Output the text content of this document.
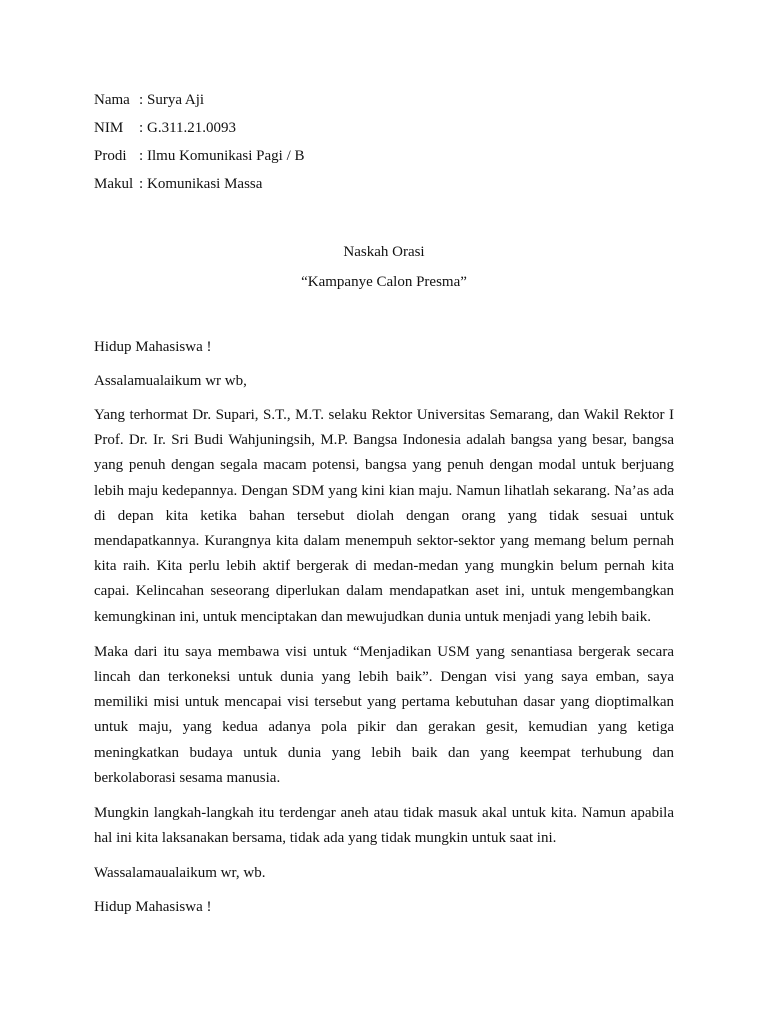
Nama : Surya Aji
NIM	: G.311.21.0093
Prodi : Ilmu Komunikasi Pagi / B
Makul : Komunikasi Massa
Naskah Orasi
“Kampanye Calon Presma”

Hidup Mahasiswa !

Assalamualaikum wr wb,

Yang terhormat Dr. Supari, S.T., M.T. selaku Rektor Universitas Semarang, dan Wakil Rektor I Prof. Dr. Ir. Sri Budi Wahjuningsih, M.P. Bangsa Indonesia adalah bangsa yang besar, bangsa yang penuh dengan segala macam potensi, bangsa yang penuh dengan modal untuk berjuang lebih maju kedepannya. Dengan SDM yang kini kian maju. Namun lihatlah sekarang. Na’as ada di depan kita ketika bahan tersebut diolah dengan orang yang tidak sesuai untuk mendapatkannya. Kurangnya kita dalam menempuh sektor-sektor yang memang belum pernah kita raih. Kita perlu lebih aktif bergerak di medan-medan yang mungkin belum pernah kita capai. Kelincahan seseorang diperlukan dalam mendapatkan aset ini, untuk mengembangkan kemungkinan ini, untuk menciptakan dan mewujudkan dunia untuk menjadi yang lebih baik.

Maka dari itu saya membawa visi untuk “Menjadikan USM yang senantiasa bergerak secara lincah dan terkoneksi untuk dunia yang lebih baik”. Dengan visi yang saya emban, saya memiliki misi untuk mencapai visi tersebut yang pertama kebutuhan dasar yang dioptimalkan untuk maju, yang kedua adanya pola pikir dan gerakan gesit, kemudian yang ketiga meningkatkan budaya untuk dunia yang lebih baik dan yang keempat terhubung dan berkolaborasi sesama manusia.

Mungkin langkah-langkah itu terdengar aneh atau tidak masuk akal untuk kita. Namun apabila hal ini kita laksanakan bersama, tidak ada yang tidak mungkin untuk saat ini.

Wassalamaualaikum wr, wb.

Hidup Mahasiswa !
